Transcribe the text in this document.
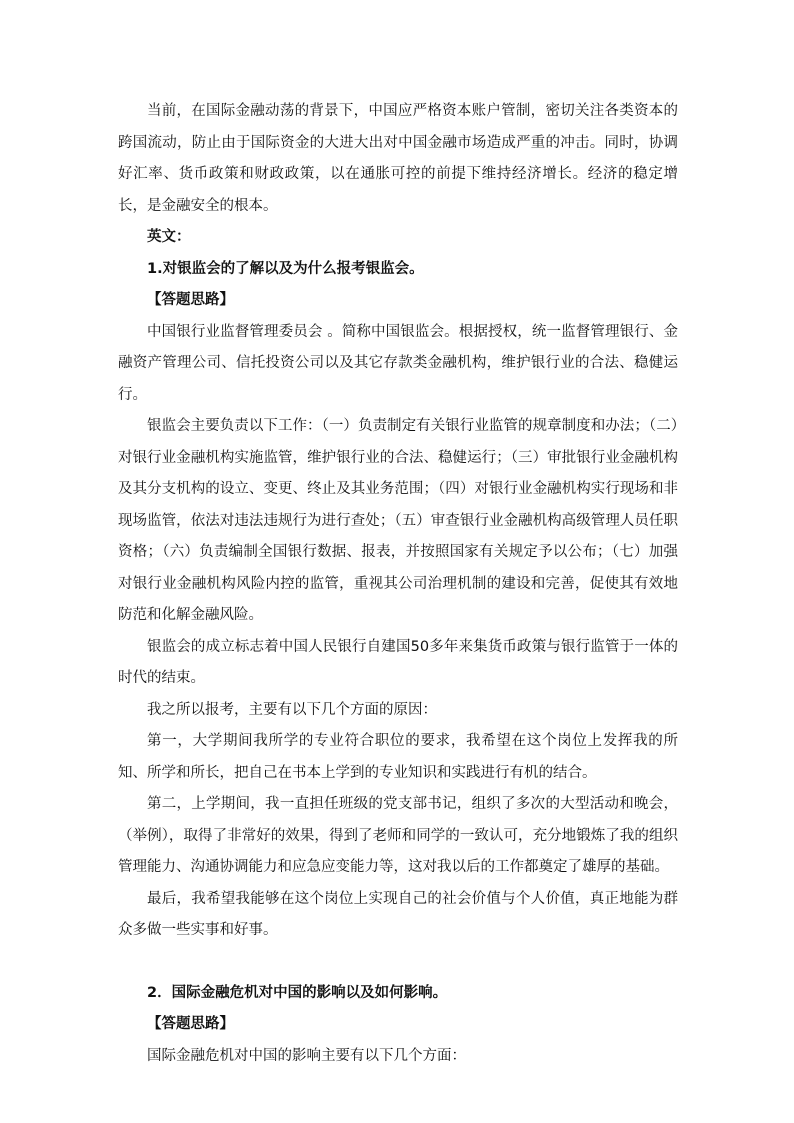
当前，在国际金融动荡的背景下，中国应严格资本账户管制，密切关注各类资本的跨国流动，防止由于国际资金的大进大出对中国金融市场造成严重的冲击。同时，协调好汇率、货币政策和财政政策，以在通胀可控的前提下维持经济增长。经济的稳定增长，是金融安全的根本。

英文：

1.对银监会的了解以及为什么报考银监会。

【答题思路】

中国银行业监督管理委员会 。简称中国银监会。根据授权，统一监督管理银行、金融资产管理公司、信托投资公司以及其它存款类金融机构，维护银行业的合法、稳健运行。

银监会主要负责以下工作：（一）负责制定有关银行业监管的规章制度和办法；（二）对银行业金融机构实施监管，维护银行业的合法、稳健运行；（三）审批银行业金融机构及其分支机构的设立、变更、终止及其业务范围；（四）对银行业金融机构实行现场和非现场监管，依法对违法违规行为进行查处；（五）审查银行业金融机构高级管理人员任职资格；（六）负责编制全国银行数据、报表，并按照国家有关规定予以公布；（七）加强对银行业金融机构风险内控的监管，重视其公司治理机制的建设和完善，促使其有效地防范和化解金融风险。

银监会的成立标志着中国人民银行自建国50多年来集货币政策与银行监管于一体的时代的结束。

我之所以报考，主要有以下几个方面的原因：

第一，大学期间我所学的专业符合职位的要求，我希望在这个岗位上发挥我的所知、所学和所长，把自己在书本上学到的专业知识和实践进行有机的结合。

第二，上学期间，我一直担任班级的党支部书记，组织了多次的大型活动和晚会，（举例），取得了非常好的效果，得到了老师和同学的一致认可，充分地锻炼了我的组织管理能力、沟通协调能力和应急应变能力等，这对我以后的工作都奠定了雄厚的基础。

最后，我希望我能够在这个岗位上实现自己的社会价值与个人价值，真正地能为群众多做一些实事和好事。

2．国际金融危机对中国的影响以及如何影响。

【答题思路】

国际金融危机对中国的影响主要有以下几个方面：
